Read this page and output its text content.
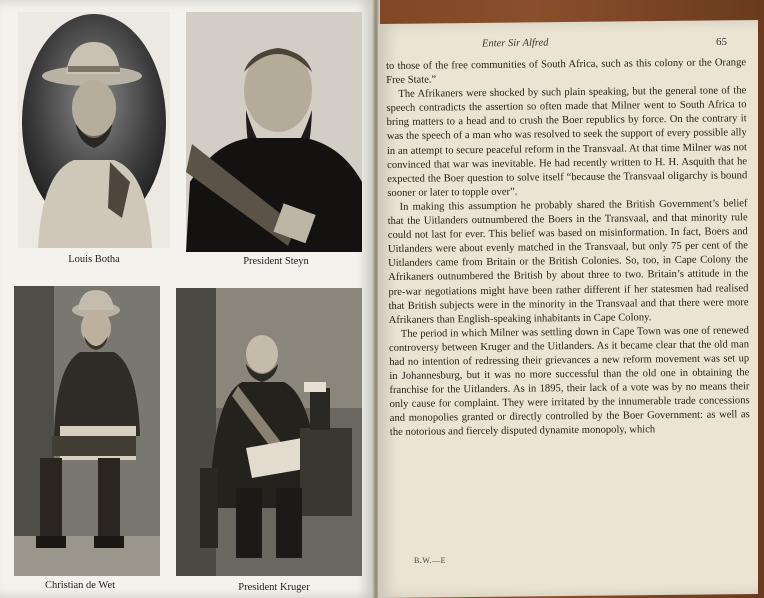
Louis Botha	President Steyn
Christian de Wet	President Kruger
Enter Sir Alfred	65

to those of the free communities of South Africa, such as this colony or the Orange Free State.”

The Afrikaners were shocked by such plain speaking, but the general tone of the speech contradicts the assertion so often made that Milner went to South Africa to bring matters to a head and to crush the Boer republics by force. On the contrary it was the speech of a man who was resolved to seek the support of every possible ally in an attempt to secure peaceful reform in the Transvaal. At that time Milner was not convinced that war was inevitable. He had recently written to H. H. Asquith that he expected the Boer question to solve itself “because the Transvaal oligarchy is bound sooner or later to topple over”.

In making this assumption he probably shared the British Government’s belief that the Uitlanders outnumbered the Boers in the Transvaal, and that minority rule could not last for ever. This belief was based on misinformation. In fact, Boers and Uitlanders were about evenly matched in the Transvaal, but only 75 per cent of the Uitlanders came from Britain or the British Colonies. So, too, in Cape Colony the Afrikaners outnumbered the British by about three to two. Britain’s attitude in the pre-war negotiations might have been rather different if her statesmen had realised that British subjects were in the minority in the Transvaal and that there were more Afrikaners than English-speaking inhabitants in Cape Colony.

The period in which Milner was settling down in Cape Town was one of renewed controversy between Kruger and the Uitlanders. As it became clear that the old man had no intention of redressing their grievances a new reform movement was set up in Johannesburg, but it was no more successful than the old one in obtaining the franchise for the Uitlanders. As in 1895, their lack of a vote was by no means their only cause for complaint. They were irritated by the innumerable trade concessions and monopolies granted or directly controlled by the Boer Government: as well as the notorious and fiercely disputed dynamite monopoly, which

B.W.—E
